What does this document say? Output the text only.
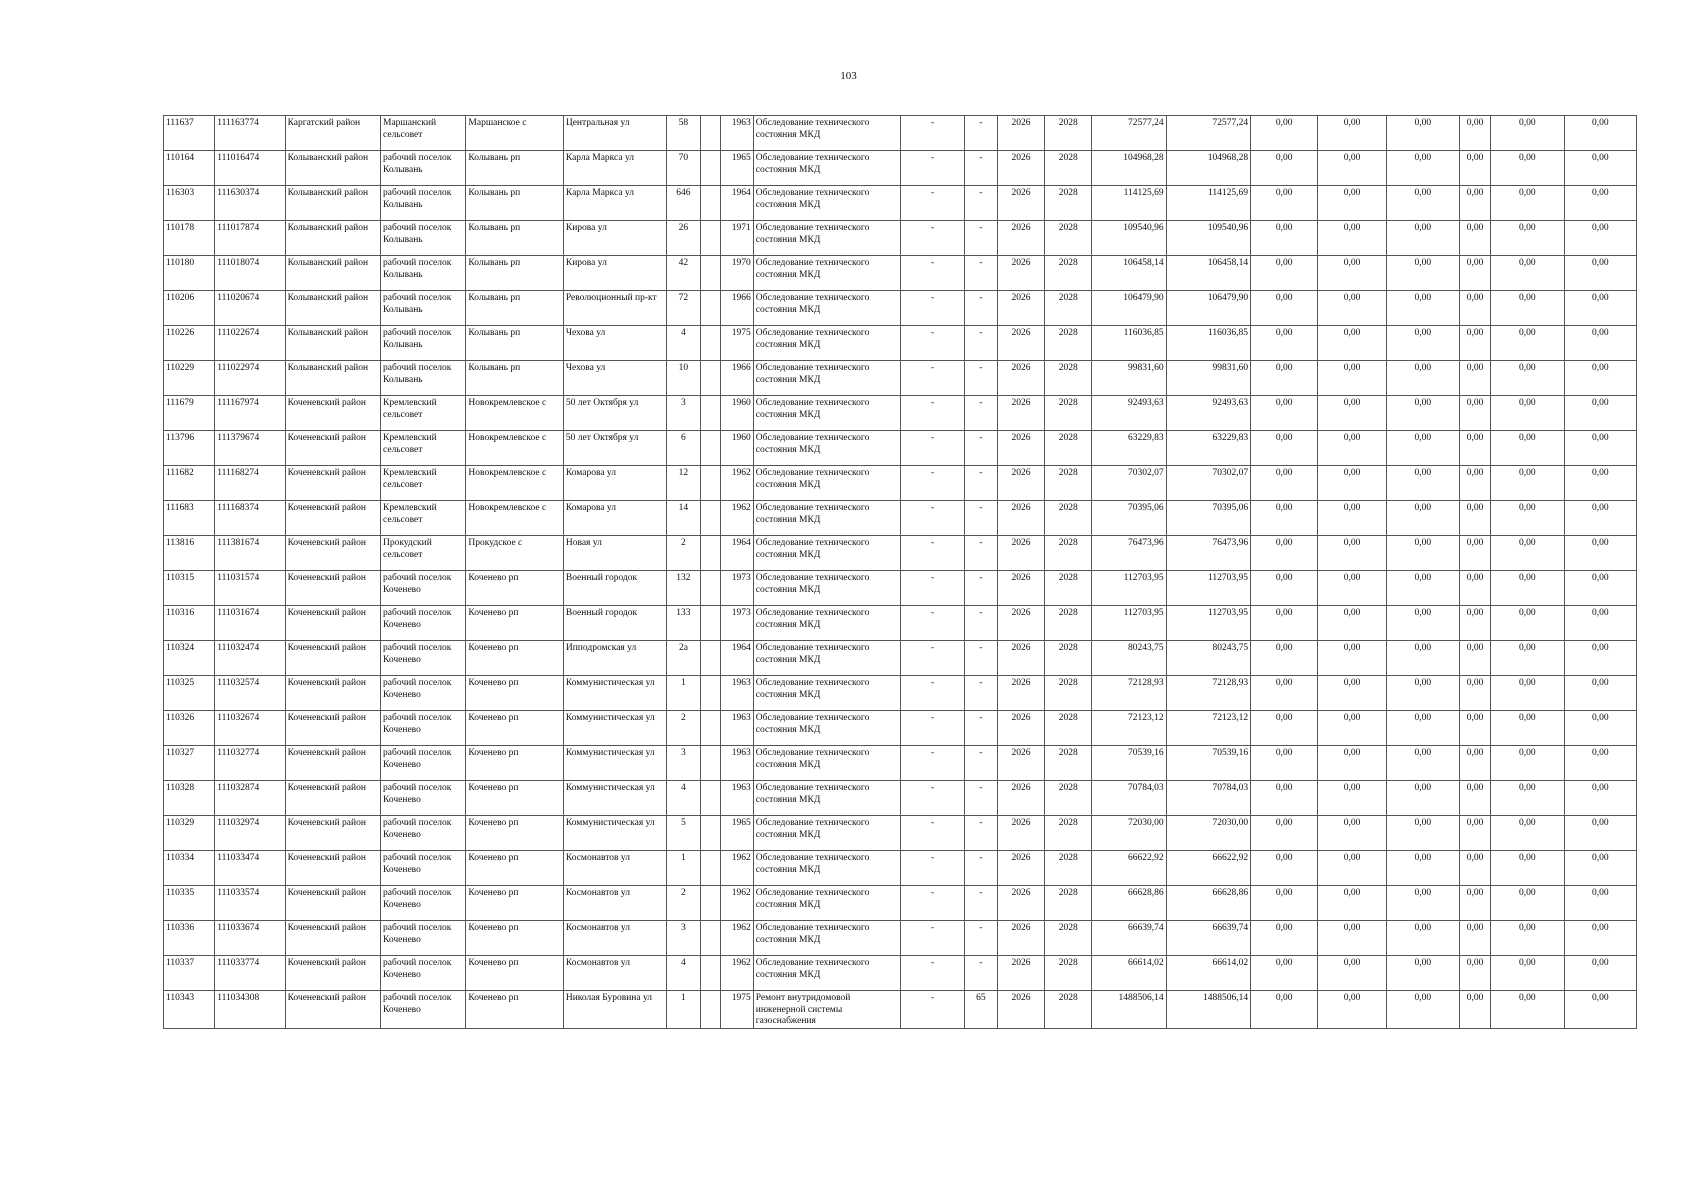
103
111637	111163774	Каргатский район	Маршанский сельсовет	Маршанское с	Центральная ул	58		1963	Обследование технического состояния МКД	-	-	2026	2028	72577,24	72577,24	0,00	0,00	0,00	0,00	0,00	0,00
110164	111016474	Колыванский район	рабочий поселок Колывань	Колывань рп	Карла Маркса ул	70		1965	Обследование технического состояния МКД	-	-	2026	2028	104968,28	104968,28	0,00	0,00	0,00	0,00	0,00	0,00
116303	111630374	Колыванский район	рабочий поселок Колывань	Колывань рп	Карла Маркса ул	646		1964	Обследование технического состояния МКД	-	-	2026	2028	114125,69	114125,69	0,00	0,00	0,00	0,00	0,00	0,00
110178	111017874	Колыванский район	рабочий поселок Колывань	Колывань рп	Кирова ул	26		1971	Обследование технического состояния МКД	-	-	2026	2028	109540,96	109540,96	0,00	0,00	0,00	0,00	0,00	0,00
110180	111018074	Колыванский район	рабочий поселок Колывань	Колывань рп	Кирова ул	42		1970	Обследование технического состояния МКД	-	-	2026	2028	106458,14	106458,14	0,00	0,00	0,00	0,00	0,00	0,00
110206	111020674	Колыванский район	рабочий поселок Колывань	Колывань рп	Революционный пр-кт	72		1966	Обследование технического состояния МКД	-	-	2026	2028	106479,90	106479,90	0,00	0,00	0,00	0,00	0,00	0,00
110226	111022674	Колыванский район	рабочий поселок Колывань	Колывань рп	Чехова ул	4		1975	Обследование технического состояния МКД	-	-	2026	2028	116036,85	116036,85	0,00	0,00	0,00	0,00	0,00	0,00
110229	111022974	Колыванский район	рабочий поселок Колывань	Колывань рп	Чехова ул	10		1966	Обследование технического состояния МКД	-	-	2026	2028	99831,60	99831,60	0,00	0,00	0,00	0,00	0,00	0,00
111679	111167974	Коченевский район	Кремлевский сельсовет	Новокремлевское с	50 лет Октября ул	3		1960	Обследование технического состояния МКД	-	-	2026	2028	92493,63	92493,63	0,00	0,00	0,00	0,00	0,00	0,00
113796	111379674	Коченевский район	Кремлевский сельсовет	Новокремлевское с	50 лет Октября ул	6		1960	Обследование технического состояния МКД	-	-	2026	2028	63229,83	63229,83	0,00	0,00	0,00	0,00	0,00	0,00
111682	111168274	Коченевский район	Кремлевский сельсовет	Новокремлевское с	Комарова ул	12		1962	Обследование технического состояния МКД	-	-	2026	2028	70302,07	70302,07	0,00	0,00	0,00	0,00	0,00	0,00
111683	111168374	Коченевский район	Кремлевский сельсовет	Новокремлевское с	Комарова ул	14		1962	Обследование технического состояния МКД	-	-	2026	2028	70395,06	70395,06	0,00	0,00	0,00	0,00	0,00	0,00
113816	111381674	Коченевский район	Прокудский сельсовет	Прокудское с	Новая ул	2		1964	Обследование технического состояния МКД	-	-	2026	2028	76473,96	76473,96	0,00	0,00	0,00	0,00	0,00	0,00
110315	111031574	Коченевский район	рабочий поселок Коченево	Коченево рп	Военный городок	132		1973	Обследование технического состояния МКД	-	-	2026	2028	112703,95	112703,95	0,00	0,00	0,00	0,00	0,00	0,00
110316	111031674	Коченевский район	рабочий поселок Коченево	Коченево рп	Военный городок	133		1973	Обследование технического состояния МКД	-	-	2026	2028	112703,95	112703,95	0,00	0,00	0,00	0,00	0,00	0,00
110324	111032474	Коченевский район	рабочий поселок Коченево	Коченево рп	Ипподромская ул	2а		1964	Обследование технического состояния МКД	-	-	2026	2028	80243,75	80243,75	0,00	0,00	0,00	0,00	0,00	0,00
110325	111032574	Коченевский район	рабочий поселок Коченево	Коченево рп	Коммунистическая ул	1		1963	Обследование технического состояния МКД	-	-	2026	2028	72128,93	72128,93	0,00	0,00	0,00	0,00	0,00	0,00
110326	111032674	Коченевский район	рабочий поселок Коченево	Коченево рп	Коммунистическая ул	2		1963	Обследование технического состояния МКД	-	-	2026	2028	72123,12	72123,12	0,00	0,00	0,00	0,00	0,00	0,00
110327	111032774	Коченевский район	рабочий поселок Коченево	Коченево рп	Коммунистическая ул	3		1963	Обследование технического состояния МКД	-	-	2026	2028	70539,16	70539,16	0,00	0,00	0,00	0,00	0,00	0,00
110328	111032874	Коченевский район	рабочий поселок Коченево	Коченево рп	Коммунистическая ул	4		1963	Обследование технического состояния МКД	-	-	2026	2028	70784,03	70784,03	0,00	0,00	0,00	0,00	0,00	0,00
110329	111032974	Коченевский район	рабочий поселок Коченево	Коченево рп	Коммунистическая ул	5		1965	Обследование технического состояния МКД	-	-	2026	2028	72030,00	72030,00	0,00	0,00	0,00	0,00	0,00	0,00
110334	111033474	Коченевский район	рабочий поселок Коченево	Коченево рп	Космонавтов ул	1		1962	Обследование технического состояния МКД	-	-	2026	2028	66622,92	66622,92	0,00	0,00	0,00	0,00	0,00	0,00
110335	111033574	Коченевский район	рабочий поселок Коченево	Коченево рп	Космонавтов ул	2		1962	Обследование технического состояния МКД	-	-	2026	2028	66628,86	66628,86	0,00	0,00	0,00	0,00	0,00	0,00
110336	111033674	Коченевский район	рабочий поселок Коченево	Коченево рп	Космонавтов ул	3		1962	Обследование технического состояния МКД	-	-	2026	2028	66639,74	66639,74	0,00	0,00	0,00	0,00	0,00	0,00
110337	111033774	Коченевский район	рабочий поселок Коченево	Коченево рп	Космонавтов ул	4		1962	Обследование технического состояния МКД	-	-	2026	2028	66614,02	66614,02	0,00	0,00	0,00	0,00	0,00	0,00
110343	111034308	Коченевский район	рабочий поселок Коченево	Коченево рп	Николая Буровина ул	1		1975	Ремонт внутридомовой инженерной системы газоснабжения	-	65	2026	2028	1488506,14	1488506,14	0,00	0,00	0,00	0,00	0,00	0,00
